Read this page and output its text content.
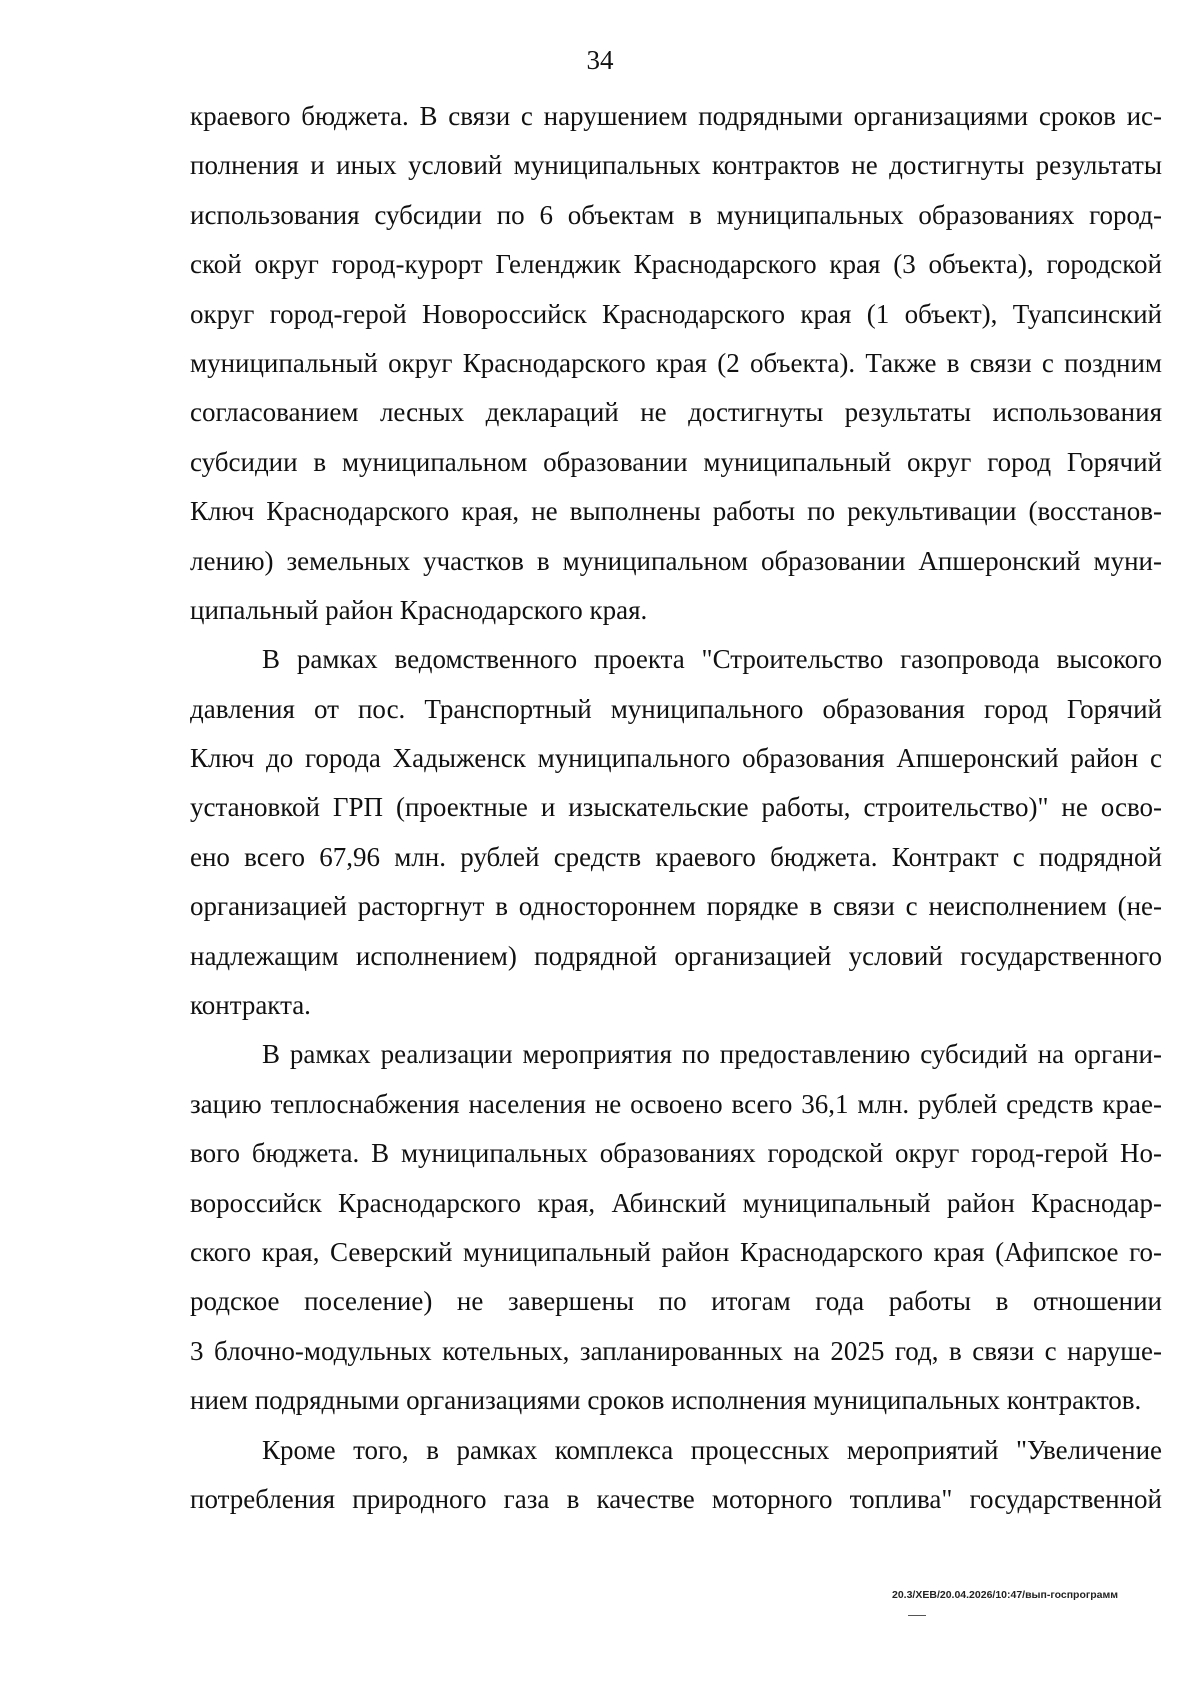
34
краевого бюджета. В связи с нарушением подрядными организациями сроков ис-
полнения и иных условий муниципальных контрактов не достигнуты результаты
использования субсидии по 6 объектам в муниципальных образованиях город-
ской округ город-курорт Геленджик Краснодарского края (3 объекта), городской
округ город-герой Новороссийск Краснодарского края (1 объект), Туапсинский
муниципальный округ Краснодарского края (2 объекта). Также в связи с поздним
согласованием лесных деклараций не достигнуты результаты использования
субсидии в муниципальном образовании муниципальный округ город Горячий
Ключ Краснодарского края, не выполнены работы по рекультивации (восстанов-
лению) земельных участков в муниципальном образовании Апшеронский муни-
ципальный район Краснодарского края.
В рамках ведомственного проекта "Строительство газопровода высокого
давления от пос. Транспортный муниципального образования город Горячий
Ключ до города Хадыженск муниципального образования Апшеронский район с
установкой ГРП (проектные и изыскательские работы, строительство)" не осво-
ено всего 67,96 млн. рублей средств краевого бюджета. Контракт с подрядной
организацией расторгнут в одностороннем порядке в связи с неисполнением (не-
надлежащим исполнением) подрядной организацией условий государственного
контракта.
В рамках реализации мероприятия по предоставлению субсидий на органи-
зацию теплоснабжения населения не освоено всего 36,1 млн. рублей средств крае-
вого бюджета. В муниципальных образованиях городской округ город-герой Но-
вороссийск Краснодарского края, Абинский муниципальный район Краснодар-
ского края, Северский муниципальный район Краснодарского края (Афипское го-
родское поселение) не завершены по итогам года работы в отношении
3 блочно-модульных котельных, запланированных на 2025 год, в связи с наруше-
нием подрядными организациями сроков исполнения муниципальных контрактов.
Кроме того, в рамках комплекса процессных мероприятий "Увеличение
потребления природного газа в качестве моторного топлива" государственной
20.3/ХЕВ/20.04.2026/10:47/вып-госпрограмм
